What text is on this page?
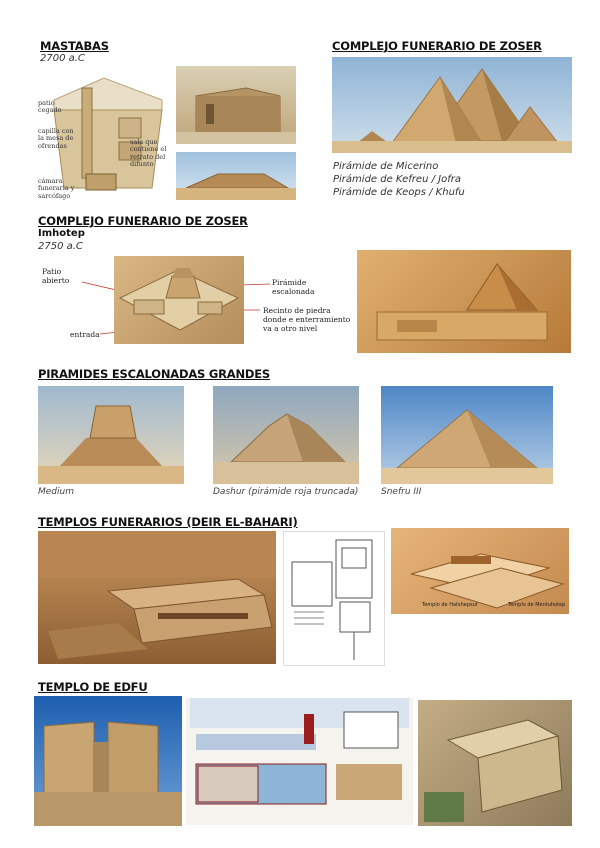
MASTABAS
2700 a.C
patio cegado
capilla con la mesa de ofrendas	sala que contiene el retrato del difunto
cámara funeraria y sarcófago
COMPLEJO FUNERARIO DE ZOSER
Pirámide de Micerino
Pirámide de Kefreu / Jofra
Pirámide de Keops / Khufu
COMPLEJO FUNERARIO DE ZOSER
Imhotep
2750 a.C
Patio abierto
entrada
Pirámide escalonada
Recinto de piedra donde e enterramiento va a otro nivel
PIRAMIDES ESCALONADAS GRANDES
Medium	Dashur (pirámide roja truncada)	Snefru III
TEMPLOS FUNERARIOS (DEIR EL-BAHARI)
Templo de Hatshepsut	Templo de Mentuhotep
TEMPLO DE EDFU
